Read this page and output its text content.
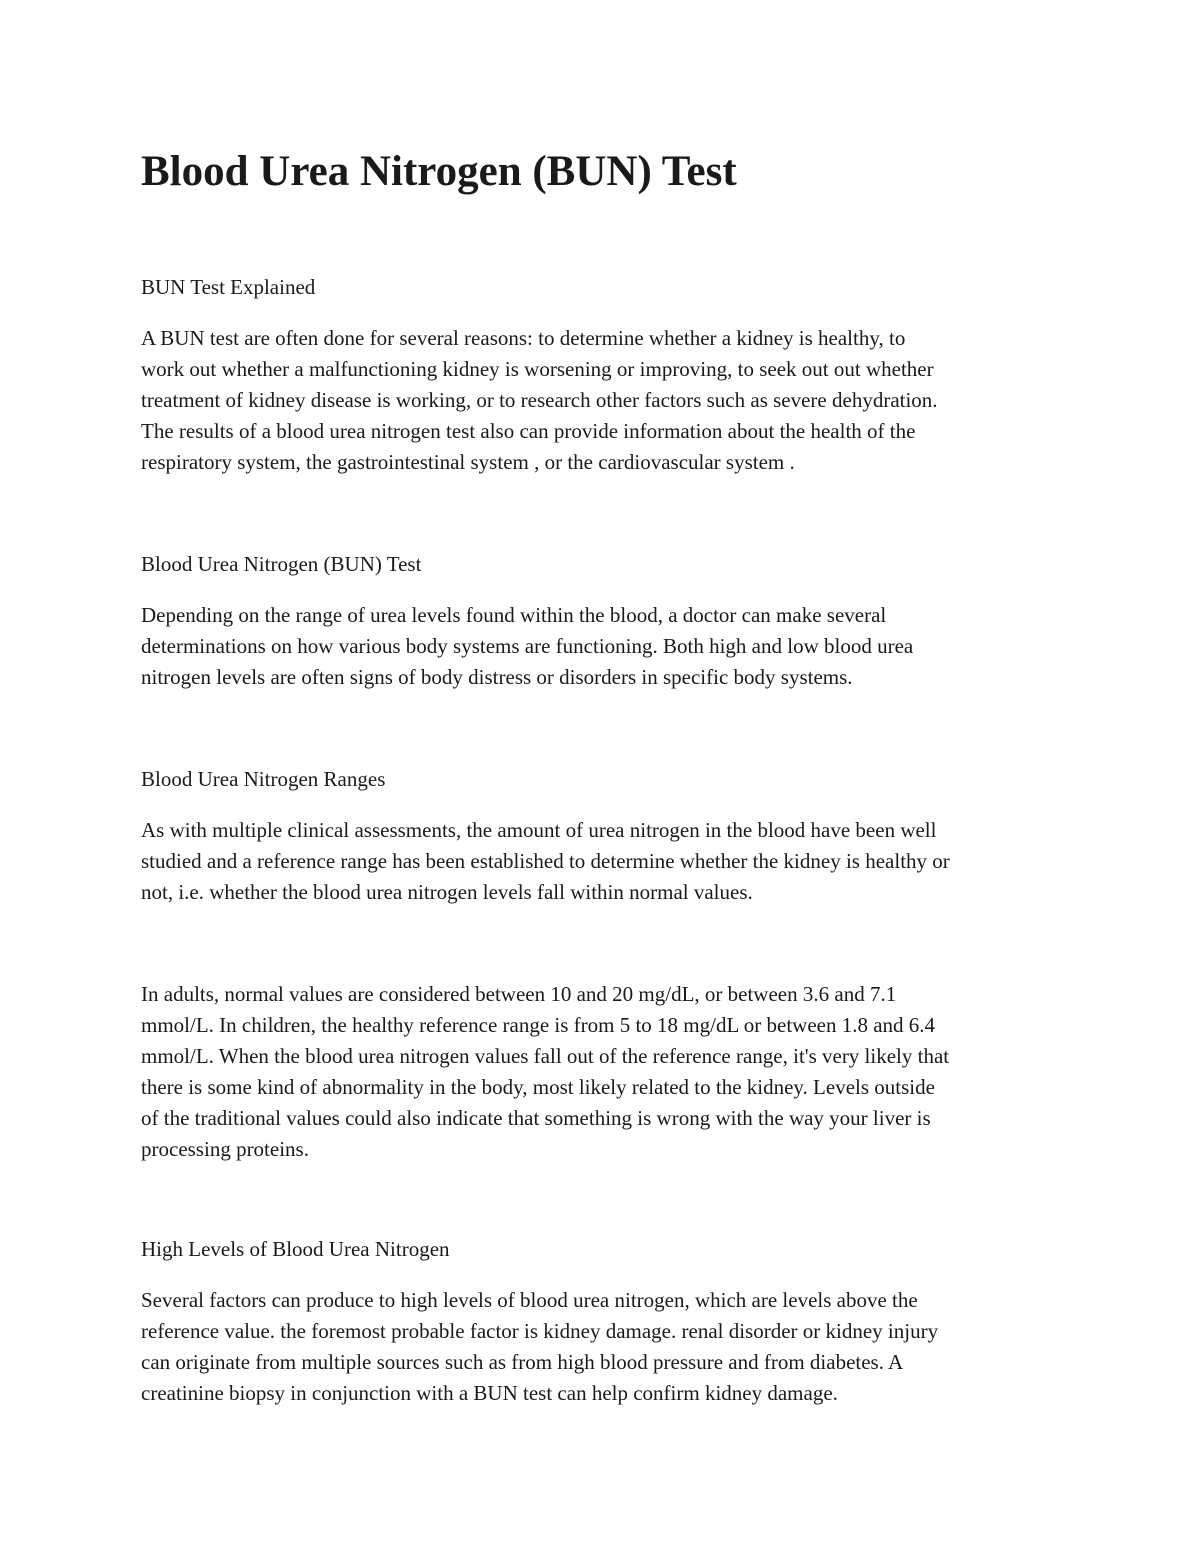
Blood Urea Nitrogen (BUN) Test
BUN Test Explained

A BUN test are often done for several reasons: to determine whether a kidney is healthy, to
work out whether a malfunctioning kidney is worsening or improving, to seek out out whether
treatment of kidney disease is working, or to research other factors such as severe dehydration.
The results of a blood urea nitrogen test also can provide information about the health of the
respiratory system, the gastrointestinal system , or the cardiovascular system .

Blood Urea Nitrogen (BUN) Test

Depending on the range of urea levels found within the blood, a doctor can make several
determinations on how various body systems are functioning. Both high and low blood urea
nitrogen levels are often signs of body distress or disorders in specific body systems.

Blood Urea Nitrogen Ranges

As with multiple clinical assessments, the amount of urea nitrogen in the blood have been well
studied and a reference range has been established to determine whether the kidney is healthy or
not, i.e. whether the blood urea nitrogen levels fall within normal values.

In adults, normal values are considered between 10 and 20 mg/dL, or between 3.6 and 7.1
mmol/L. In children, the healthy reference range is from 5 to 18 mg/dL or between 1.8 and 6.4
mmol/L. When the blood urea nitrogen values fall out of the reference range, it's very likely that
there is some kind of abnormality in the body, most likely related to the kidney. Levels outside
of the traditional values could also indicate that something is wrong with the way your liver is
processing proteins.

High Levels of Blood Urea Nitrogen

Several factors can produce to high levels of blood urea nitrogen, which are levels above the
reference value. the foremost probable factor is kidney damage. renal disorder or kidney injury
can originate from multiple sources such as from high blood pressure and from diabetes. A
creatinine biopsy in conjunction with a BUN test can help confirm kidney damage.
